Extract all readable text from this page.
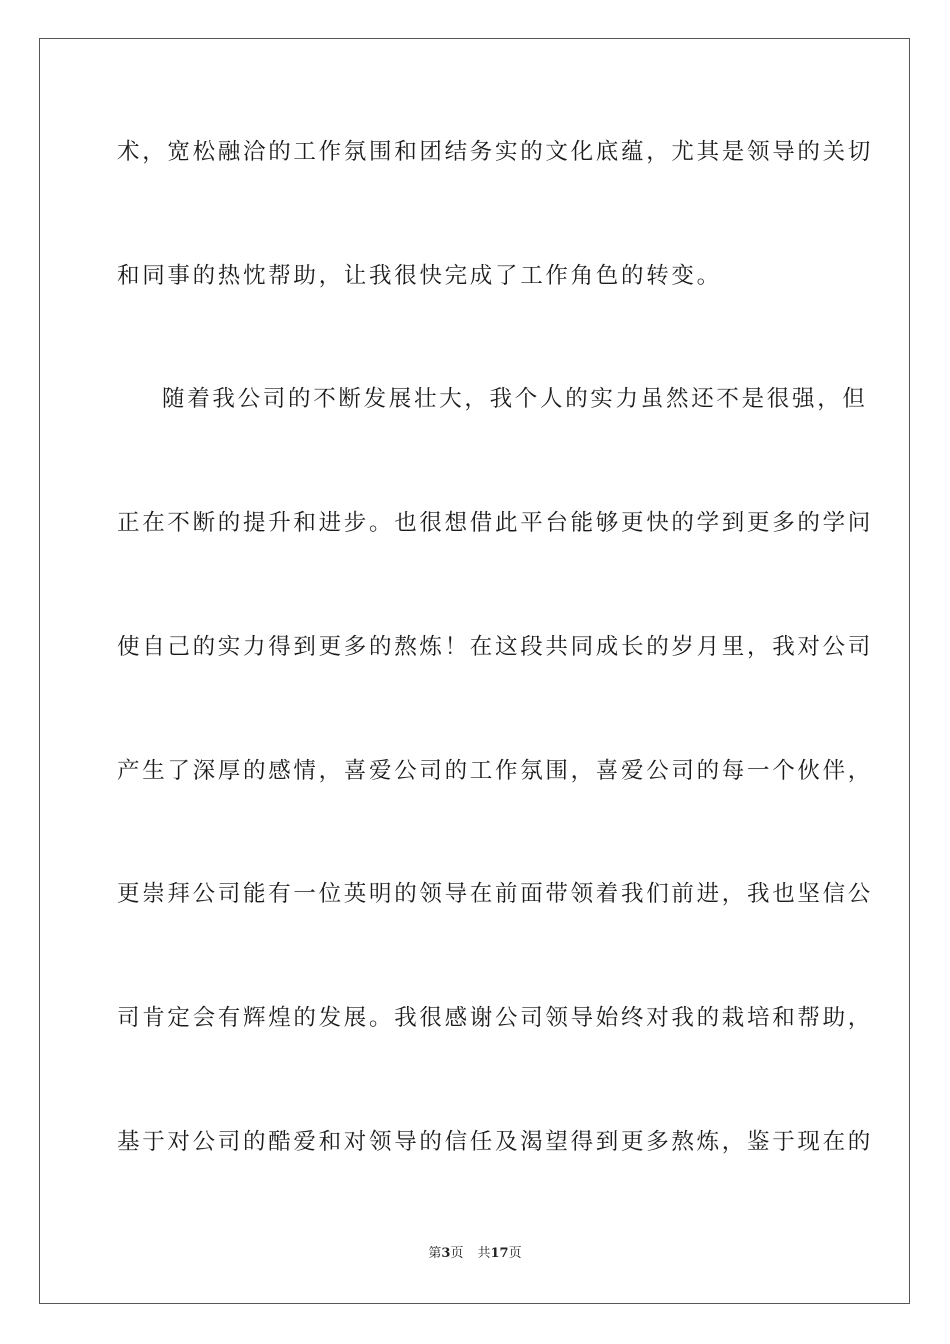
术，宽松融洽的工作氛围和团结务实的文化底蕴，尤其是领导的关切
和同事的热忱帮助，让我很快完成了工作角色的转变。
随着我公司的不断发展壮大，我个人的实力虽然还不是很强，但
正在不断的提升和进步。也很想借此平台能够更快的学到更多的学问
使自己的实力得到更多的熬炼！在这段共同成长的岁月里，我对公司
产生了深厚的感情，喜爱公司的工作氛围，喜爱公司的每一个伙伴，
更崇拜公司能有一位英明的领导在前面带领着我们前进，我也坚信公
司肯定会有辉煌的发展。我很感谢公司领导始终对我的栽培和帮助，
基于对公司的酷爱和对领导的信任及渴望得到更多熬炼，鉴于现在的
第3页 共17页
